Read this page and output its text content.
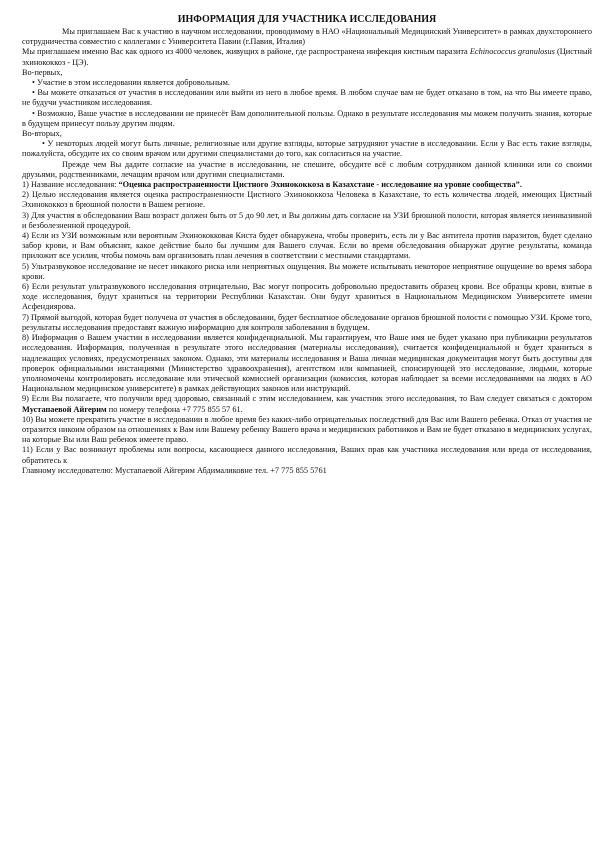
ИНФОРМАЦИЯ ДЛЯ УЧАСТНИКА ИССЛЕДОВАНИЯ

Мы приглашаем Вас к участию в научном исследовании, проводимому в НАО «Национальный Медицинский Университет» в рамках двухстороннего сотрудничества совместно с коллегами с Университета Павии (г.Павия, Италия)

Мы приглашаем именно Вас как одного из 4000 человек, живущих в районе, где распространена инфекция кистным паразита Echinococcus granulosus (Цистный эхинококкоз - ЦЭ).

Во-первых,

• Участие в этом исследовании является добровольным.

• Вы можете отказаться от участия в исследовании или выйти из него в любое время. В любом случае вам не будет отказано в том, на что Вы имеете право, не будучи участником исследования.

• Возможно, Ваше участие в исследовании не принесёт Вам дополнительной пользы. Однако в результате исследования мы можем получить знания, которые в будущем принесут пользу другим людям.

Во-вторых,

• У некоторых людей могут быть личные, религиозные или другие взгляды, которые затрудняют участие в исследовании. Если у Вас есть такие взгляды, пожалуйста, обсудите их со своим врачом или другими специалистами до того, как согласиться на участие.

Прежде чем Вы дадите согласие на участие в исследовании, не спешите, обсудите всё с любым сотрудником данной клиники или со своими друзьями, родственниками, лечащим врачом или другими специалистами.

1) Название исследования: “Оценка распространенности Цистного Эхинококкоза в Казахстане - исследование на уровне сообщества”.

2) Целью исследования является оценка распространенности Цистного Эхинококкоза Человека в Казахстане, то есть количества людей, имеющих Цистный Эхинококкоз в брюшной полости в Вашем регионе.

3) Для участия в обследовании Ваш возраст должен быть от 5 до 90 лет, и Вы должны дать согласие на УЗИ брюшной полости, которая является неинвазивной и безболезненной процедурой.

4) Если из УЗИ возможным или вероятным Эхинококковая Киста будет обнаружена, чтобы проверить, есть ли у Вас антитела против паразитов, будет сделано забор крови, и Вам объяснят, какое действие было бы лучшим для Вашего случая. Если во время обследования обнаружат другие результаты, команда приложит все усилия, чтобы помочь вам организовать план лечения в соответствии с местными стандартами.

5) Ультразвуковое исследование не несет никакого риска или неприятных ощущения. Вы можете испытывать некоторое неприятное ощущение во время забора крови.

6) Если результат ультразвукового исследования отрицательно, Вас могут попросить добровольно предоставить образец крови. Все образцы крови, взятые в ходе исследования, будут храниться на территории Республики Казахстан. Они будут храниться в Национальном Медицинском Университете имени Асфендиярова.

7) Прямой выгодой, которая будет получена от участия в обследовании, будет бесплатное обследование органов брюшной полости с помощью УЗИ. Кроме того, результаты исследования предоставят важную информацию для контроля заболевания в будущем.

8) Информация о Вашем участии в исследовании является конфиденциальной. Мы гарантируем, что Ваше имя не будет указано при публикации результатов исследования. Информация, полученная в результате этого исследования (материалы исследования), считается конфиденциальной и будет храниться в надлежащих условиях, предусмотренных законом. Однако, эти материалы исследования и Ваша личная медицинская документация могут быть доступны для проверок официальными инстанциями (Министерство здравоохранения), агентством или компанией, спонсирующей это исследование, людьми, которые уполномочены контролировать исследование или этической комиссией организации (комиссия, которая наблюдает за всеми исследованиями на людях в АО Национальном медицинском университете) в рамках действующих законов или инструкций.

9) Если Вы полагаете, что получили вред здоровью, связанный с этим исследованием, как участник этого исследования, то Вам следует связаться с доктором Мустапаевой Айгерим по номеру телефона +7 775 855 57 61.

10) Вы можете прекратить участие в исследовании в любое время без каких-либо отрицательных последствий для Вас или Вашего ребенка. Отказ от участия не отразится никоим образом на отношениях к Вам или Вашему ребенку Вашего врача и медицинских работников и Вам не будет отказано в медицинских услугах, на которые Вы или Ваш ребенок имеете право.

11) Если у Вас возникнут проблемы или вопросы, касающиеся данного исследования, Ваших прав как участника исследования или вреда от исследования, обратитесь к

Главному исследователю: Мустапаевой Айгерим Абдималиковне тел. +7 775 855 5761
